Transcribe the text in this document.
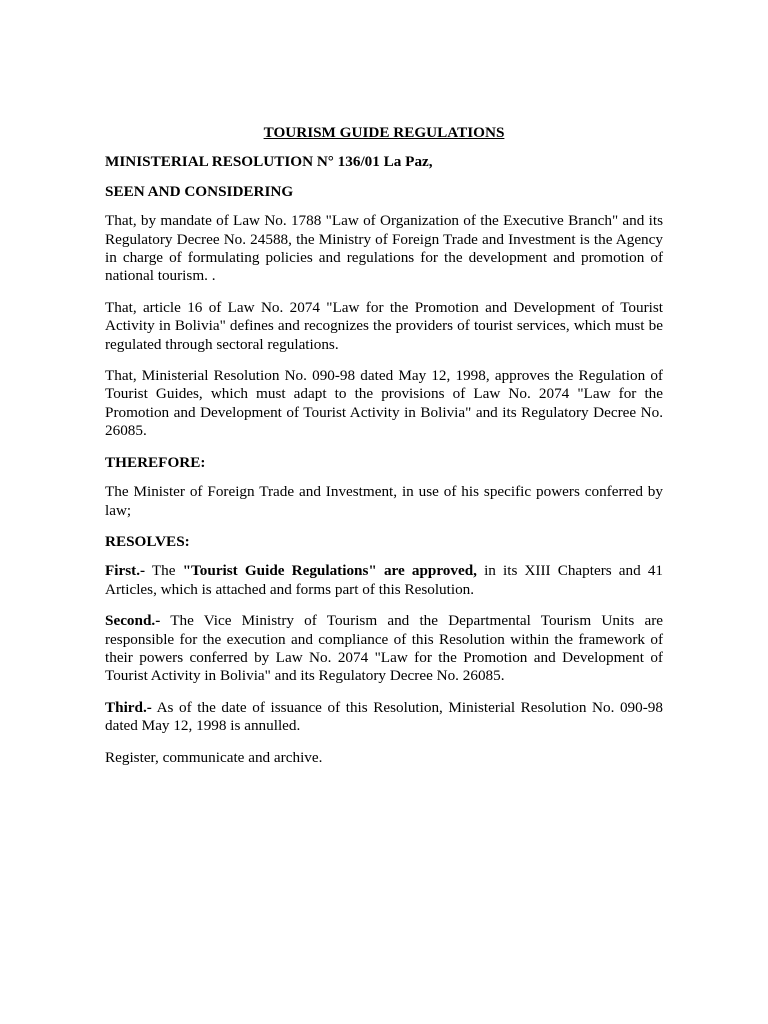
TOURISM GUIDE REGULATIONS
MINISTERIAL RESOLUTION N° 136/01 La Paz,
SEEN AND CONSIDERING

That, by mandate of Law No. 1788 "Law of Organization of the Executive Branch" and its Regulatory Decree No. 24588, the Ministry of Foreign Trade and Investment is the Agency in charge of formulating policies and regulations for the development and promotion of national tourism. .

That, article 16 of Law No. 2074 "Law for the Promotion and Development of Tourist Activity in Bolivia" defines and recognizes the providers of tourist services, which must be regulated through sectoral regulations.

That, Ministerial Resolution No. 090-98 dated May 12, 1998, approves the Regulation of Tourist Guides, which must adapt to the provisions of Law No. 2074 "Law for the Promotion and Development of Tourist Activity in Bolivia" and its Regulatory Decree No. 26085.

THEREFORE:

The Minister of Foreign Trade and Investment, in use of his specific powers conferred by law;

RESOLVES:

First.- The "Tourist Guide Regulations" are approved, in its XIII Chapters and 41 Articles, which is attached and forms part of this Resolution.

Second.- The Vice Ministry of Tourism and the Departmental Tourism Units are responsible for the execution and compliance of this Resolution within the framework of their powers conferred by Law No. 2074 "Law for the Promotion and Development of Tourist Activity in Bolivia" and its Regulatory Decree No. 26085.

Third.- As of the date of issuance of this Resolution, Ministerial Resolution No. 090-98 dated May 12, 1998 is annulled.

Register, communicate and archive.
